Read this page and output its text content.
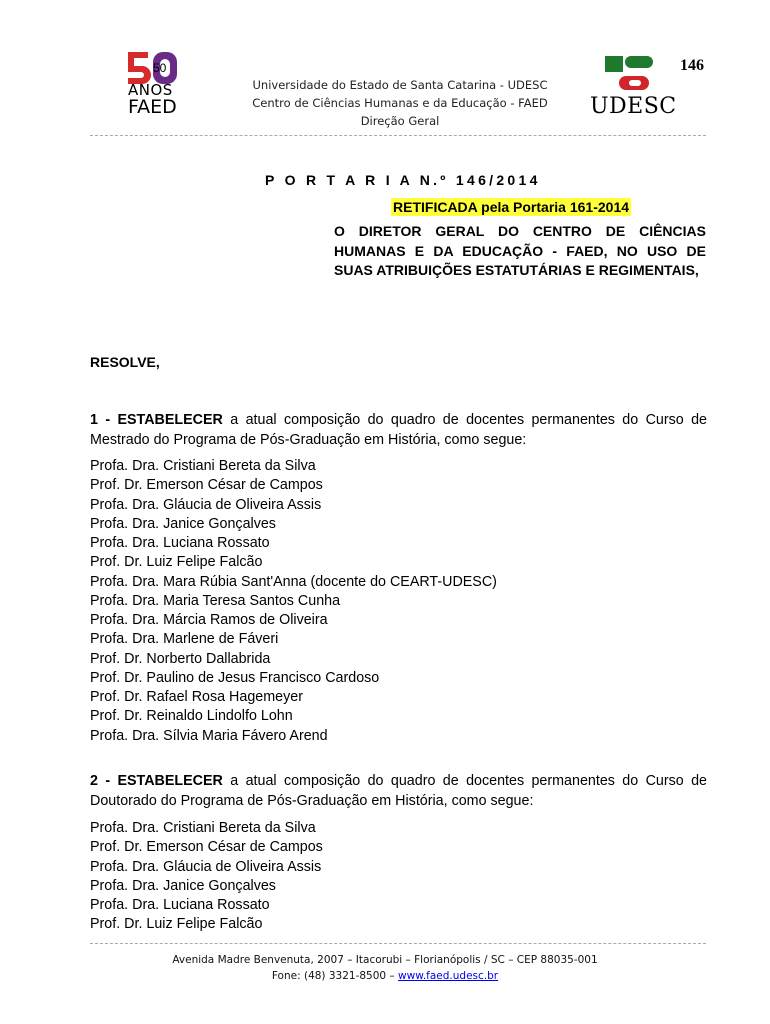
50
ANOS
FAED
Universidade do Estado de Santa Catarina - UDESC
Centro de Ciências Humanas e da Educação - FAED
Direção Geral
UDESC
146
P O R T A R I A N.º 146/2014
RETIFICADA pela Portaria 161-2014
O DIRETOR GERAL DO CENTRO DE CIÊNCIAS HUMANAS E DA EDUCAÇÃO - FAED, NO USO DE SUAS ATRIBUIÇÕES ESTATUTÁRIAS E REGIMENTAIS,
RESOLVE,
1 - ESTABELECER a atual composição do quadro de docentes permanentes do Curso de Mestrado do Programa de Pós-Graduação em História, como segue:
Profa. Dra. Cristiani Bereta da Silva
Prof. Dr. Emerson César de Campos
Profa. Dra. Gláucia de Oliveira Assis
Profa. Dra. Janice Gonçalves
Profa. Dra. Luciana Rossato
Prof. Dr. Luiz Felipe Falcão
Profa. Dra. Mara Rúbia Sant'Anna (docente do CEART-UDESC)
Profa. Dra. Maria Teresa Santos Cunha
Profa. Dra. Márcia Ramos de Oliveira
Profa. Dra. Marlene de Fáveri
Prof. Dr. Norberto Dallabrida
Prof. Dr. Paulino de Jesus Francisco Cardoso
Prof. Dr. Rafael Rosa Hagemeyer
Prof. Dr. Reinaldo Lindolfo Lohn
Profa. Dra. Sílvia Maria Fávero Arend
2 - ESTABELECER a atual composição do quadro de docentes permanentes do Curso de Doutorado do Programa de Pós-Graduação em História, como segue:
Profa. Dra. Cristiani Bereta da Silva
Prof. Dr. Emerson César de Campos
Profa. Dra. Gláucia de Oliveira Assis
Profa. Dra. Janice Gonçalves
Profa. Dra. Luciana Rossato
Prof. Dr. Luiz Felipe Falcão
Avenida Madre Benvenuta, 2007 – Itacorubi – Florianópolis / SC – CEP 88035-001
Fone: (48) 3321-8500 – www.faed.udesc.br
